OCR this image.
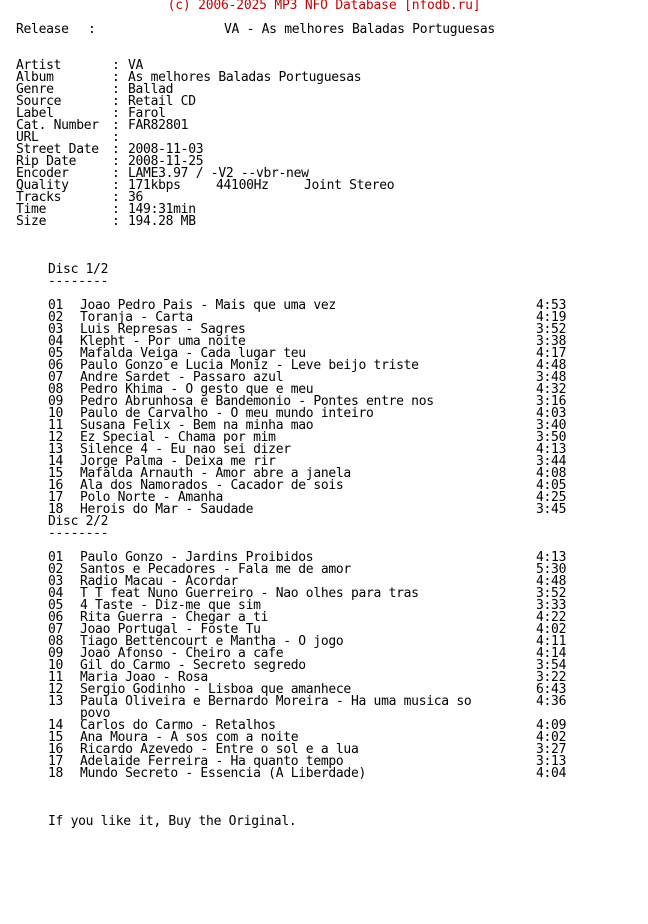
(c) 2006-2025 MP3 NFO Database [nfodb.ru]

Release

:

	VA - As melhores Baladas Portuguesas

Artist

	:

VA

Album

	:

As melhores Baladas Portuguesas

Genre

	:

Ballad

Source

	:

Retail CD

Label

	:

Farol

Cat. Number

:

FAR82801

URL

	:

Street Date

:

2008-11-03

Rip Date

	:

2008-11-25

Encoder

	:

LAME3.97 / -V2 --vbr-new

Quality

	:

171kbps

	44100Hz

	Joint Stereo

Tracks

	:

36

Time

	:

149:31min

Size

	:

194.28 MB

Disc 1/2
--------
01 Joao Pedro Pais - Mais que uma vez	4:53
02 Toranja - Carta	4:19
03 Luis Represas - Sagres	3:52
04 Klepht - Por uma noite	3:38
05 Mafalda Veiga - Cada lugar teu	4:17
06 Paulo Gonzo e Lucia Moniz - Leve beijo triste	4:48
07 Andre Sardet - Passaro azul	3:48
08 Pedro Khima - O gesto que e meu	4:32
09 Pedro Abrunhosa e Bandemonio - Pontes entre nos	3:16
10 Paulo de Carvalho - O meu mundo inteiro	4:03
11 Susana Felix - Bem na minha mao	3:40
12 Ez Special - Chama por mim	3:50
13 Silence 4 - Eu nao sei dizer	4:13
14 Jorge Palma - Deixa me rir	3:44
15 Mafalda Arnauth - Amor abre a janela	4:08
16 Ala dos Namorados - Cacador de sois	4:05
17 Polo Norte - Amanha	4:25
18 Herois do Mar - Saudade	3:45
Disc 2/2
--------
01 Paulo Gonzo - Jardins Proibidos	4:13
02 Santos e Pecadores - Fala me de amor	5:30
03 Radio Macau - Acordar	4:48
04 T T feat Nuno Guerreiro - Nao olhes para tras	3:52
05 4 Taste - Diz-me que sim	3:33
06 Rita Guerra - Chegar a ti	4:22
07 Joao Portugal - Foste Tu	4:02
08 Tiago Bettencourt e Mantha - O jogo	4:11
09 Joao Afonso - Cheiro a cafe	4:14
10 Gil do Carmo - Secreto segredo	3:54
11 Maria Joao - Rosa	3:22
12 Sergio Godinho - Lisboa que amanhece	6:43
13 Paula Oliveira e Bernardo Moreira - Ha uma musica so	4:36
povo
14 Carlos do Carmo - Retalhos	4:09
15 Ana Moura - A sos com a noite	4:02
16 Ricardo Azevedo - Entre o sol e a lua	3:27
17 Adelaide Ferreira - Ha quanto tempo	3:13
18 Mundo Secreto - Essencia (A Liberdade)	4:04

If you like it, Buy the Original.
